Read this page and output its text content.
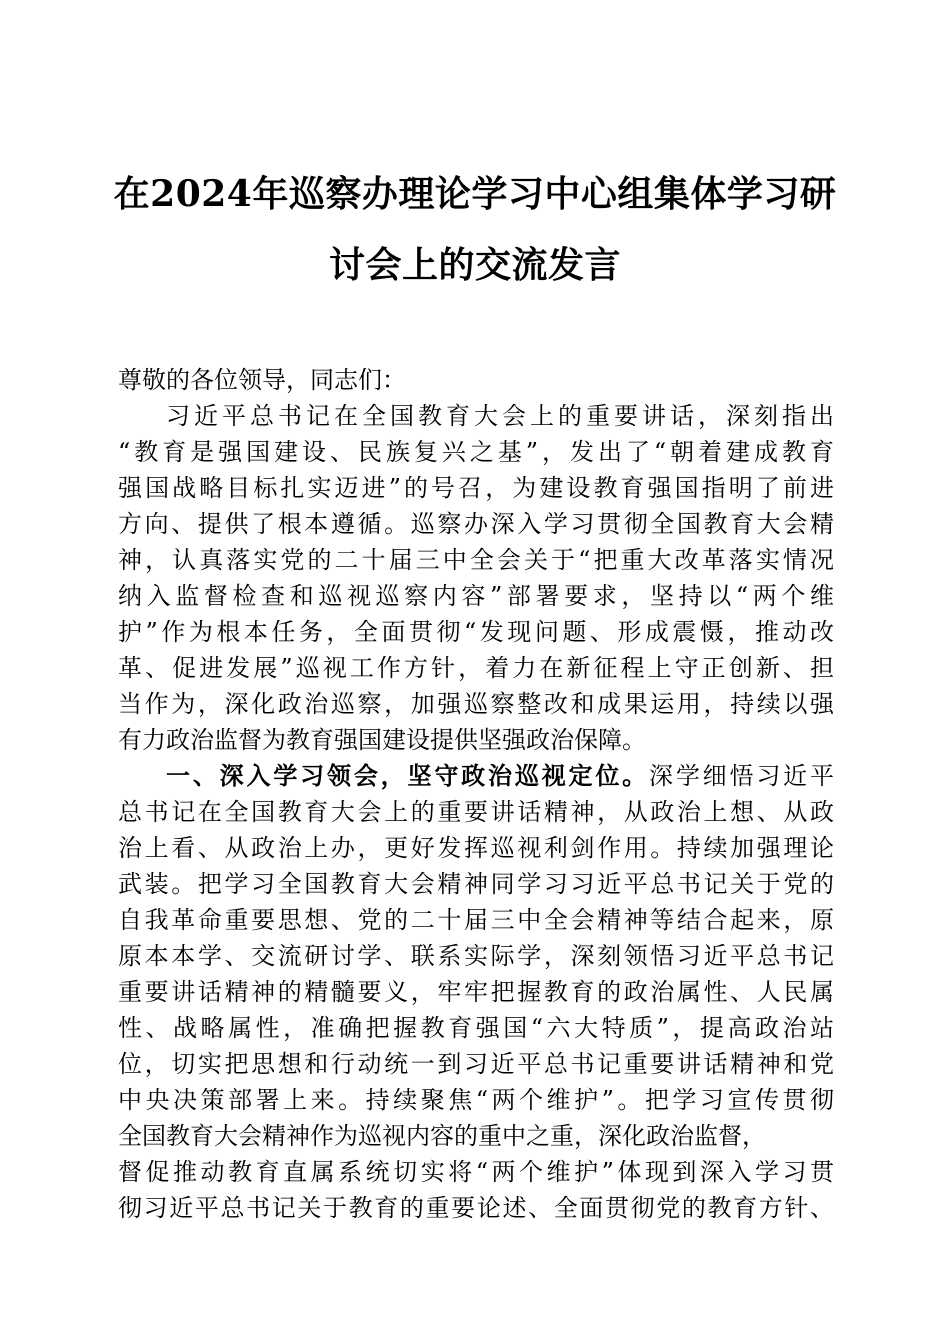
在2024年巡察办理论学习中心组集体学习研
讨会上的交流发言
尊敬的各位领导，同志们：
习近平总书记在全国教育大会上的重要讲话，深刻指出
“教育是强国建设、民族复兴之基”，发出了“朝着建成教育
强国战略目标扎实迈进”的号召，为建设教育强国指明了前进
方向、提供了根本遵循。巡察办深入学习贯彻全国教育大会精
神，认真落实党的二十届三中全会关于“把重大改革落实情况
纳入监督检查和巡视巡察内容”部署要求，坚持以“两个维
护”作为根本任务，全面贯彻“发现问题、形成震慑，推动改
革、促进发展”巡视工作方针，着力在新征程上守正创新、担
当作为，深化政治巡察，加强巡察整改和成果运用，持续以强
有力政治监督为教育强国建设提供坚强政治保障。
一、深入学习领会，坚守政治巡视定位。深学细悟习近平
总书记在全国教育大会上的重要讲话精神，从政治上想、从政
治上看、从政治上办，更好发挥巡视利剑作用。持续加强理论
武装。把学习全国教育大会精神同学习习近平总书记关于党的
自我革命重要思想、党的二十届三中全会精神等结合起来，原
原本本学、交流研讨学、联系实际学，深刻领悟习近平总书记
重要讲话精神的精髓要义，牢牢把握教育的政治属性、人民属
性、战略属性，准确把握教育强国“六大特质”，提高政治站
位，切实把思想和行动统一到习近平总书记重要讲话精神和党
中央决策部署上来。持续聚焦“两个维护”。把学习宣传贯彻
全国教育大会精神作为巡视内容的重中之重，深化政治监督，
督促推动教育直属系统切实将“两个维护”体现到深入学习贯
彻习近平总书记关于教育的重要论述、全面贯彻党的教育方针、
